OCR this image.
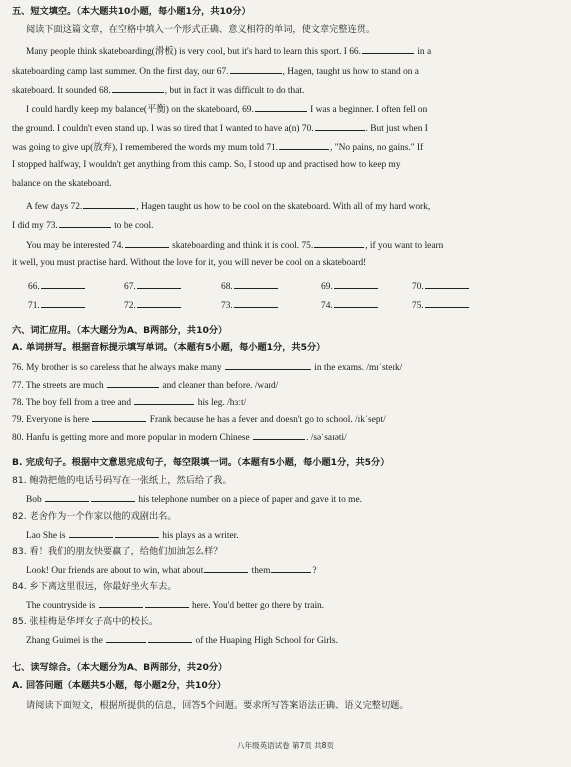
五、短文填空。（本大题共10小题，每小题1分，共10分）
阅读下面这篇文章，在空格中填入一个形式正确、意义相符的单词，使文章完整连贯。
Many people think skateboarding(滑板) is very cool, but it's hard to learn this sport. I 66.	in a
skateboarding camp last summer. On the first day, our 67.	, Hagen, taught us how to stand on a
skateboard. It sounded 68.	, but in fact it was difficult to do that.
I could hardly keep my balance(平衡) on the skateboard, 69.	I was a beginner. I often fell on
the ground. I couldn't even stand up. I was so tired that I wanted to have a(n) 70.	. But just when I
was going to give up(放弃), I remembered the words my mum told 71.	, "No pains, no gains." If
I stopped halfway, I wouldn't get anything from this camp. So, I stood up and practised how to keep my
balance on the skateboard.
A few days 72.	, Hagen taught us how to be cool on the skateboard. With all of my hard work,
I did my 73.	to be cool.
You may be interested 74.	skateboarding and think it is cool. 75.	, if you want to learn
it well, you must practise hard. Without the love for it, you will never be cool on a skateboard!
66.	67.	68.	69.	70.
71.	72.	73.	74.	75.
六、词汇应用。（本大题分为A、B两部分，共10分）
A. 单词拼写。根据音标提示填写单词。（本题有5小题，每小题1分，共5分）
76. My brother is so careless that he always make many	in the exams. /mɪˈsteɪk/
77. The streets are much	and cleaner than before. /waɪd/
78. The boy fell from a tree and	his leg. /hɜːt/
79. Everyone is here	Frank because he has a fever and doesn't go to school. /ɪkˈsept/
80. Hanfu is getting more and more popular in modern Chinese	. /səˈsaɪəti/
B. 完成句子。根据中文意思完成句子，每空限填一词。（本题有5小题，每小题1分，共5分）
81. 鲍勃把他的电话号码写在一张纸上，然后给了我。
Bob	his telephone number on a piece of paper and gave it to me.
82. 老舍作为一个作家以他的戏剧出名。
Lao She is	his plays as a writer.
83. 看！我们的朋友快要赢了，给他们加油怎么样？
Look! Our friends are about to win, what about	them	?
84. 乡下离这里很远，你最好坐火车去。
The countryside is	here. You'd better go there by train.
85. 张桂梅是华坪女子高中的校长。
Zhang Guimei is the	of the Huaping High School for Girls.
七、读写综合。（本大题分为A、B两部分，共20分）
A. 回答问题（本题共5小题，每小题2分，共10分）
请阅读下面短文，根据所提供的信息，回答5个问题。要求所写答案语法正确、语义完整切题。
八年级英语试卷 第7页 共8页
